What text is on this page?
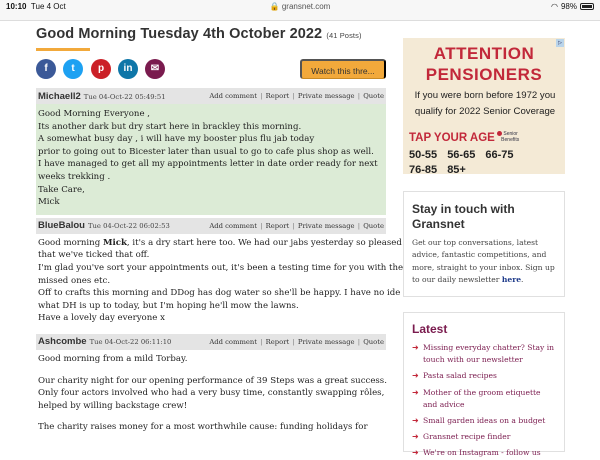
10:10 Tue 4 Oct	🔒 gransnet.com	◠ 98%
Good Morning Tuesday 4th October 2022 (41 Posts)
f	t	p	in	✉	Watch this thre...
Michaell2 Tue 04-Oct-22 05:49:51	Add comment | Report | Private message | Quote

Good Morning Everyone ,

Its another dark but dry start here in brackley this morning.

A somewhat busy day , i will have my booster plus flu jab today

prior to going out to Bicester later than usual to go to cafe plus shop as well.

I have managed to get all my appointments letter in date order ready for next

weeks trekking .

Take Care,

Mick

BlueBalou Tue 04-Oct-22 06:02:53	Add comment | Report | Private message | Quote

Good morning Mick, it's a dry start here too. We had our jabs yesterday so pleased

that we've ticked that off.

I'm glad you've sort your appointments out, it's been a testing time for you with the

missed ones etc.

Off to crafts this morning and DDog has dog water so she'll be happy. I have no ide

what DH is up to today, but I'm hoping he'll mow the lawns.

Have a lovely day everyone x

Ashcombe Tue 04-Oct-22 06:11:10	Add comment | Report | Private message | Quote

Good morning from a mild Torbay.

Our charity night for our opening performance of 39 Steps was a great success.

Only four actors involved who had a very busy time, constantly swapping rôles,

helped by willing backstage crew!

The charity raises money for a most worthwhile cause: funding holidays for

▷
ATTENTION
PENSIONERS
If you were born before 1972 you
qualify for 2022 Senior Coverage
TAP YOUR AGE	Senior
Benefits
50-55 56-65 66-75
76-85 85+
Stay in touch with Gransnet
Get our top conversations, latest advice, fantastic competitions, and more, straight to your inbox. Sign up to our daily newsletter here.
Latest
➜ Missing everyday chatter? Stay in touch with our newsletter
➜ Pasta salad recipes
➜ Mother of the groom etiquette and advice
➜ Small garden ideas on a budget
➜ Gransnet recipe finder
➜ We're on Instagram - follow us
